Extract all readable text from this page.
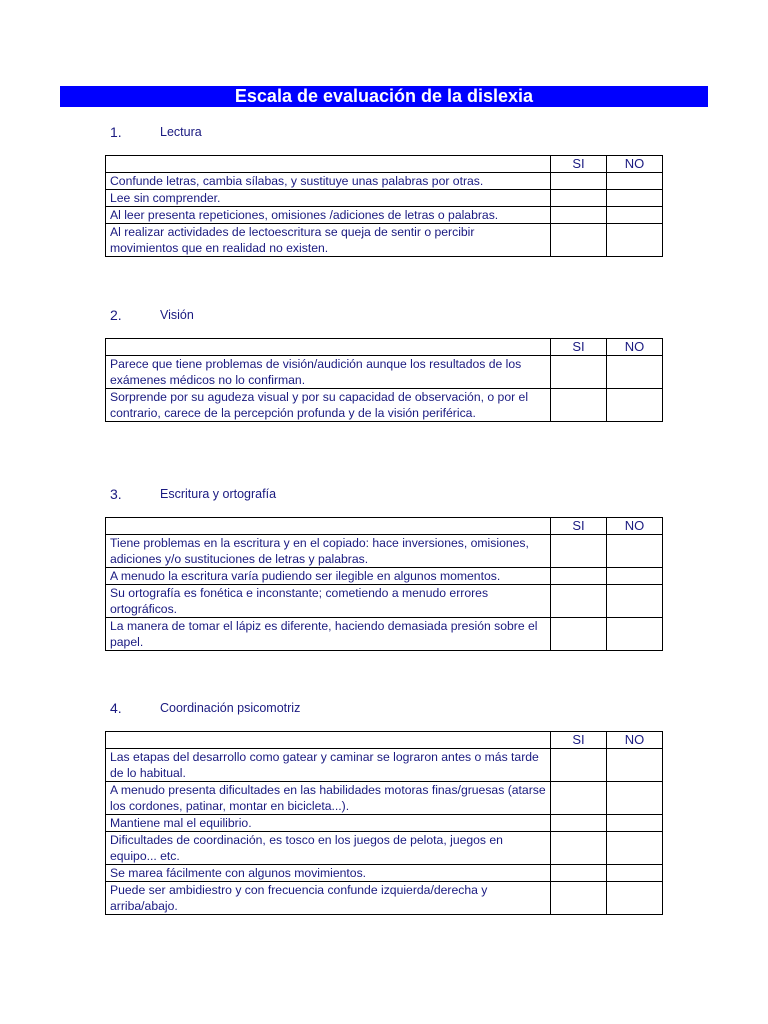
Escala de evaluación de la dislexia
1.	Lectura
	SI	NO
Confunde letras, cambia sílabas, y sustituye unas palabras por otras.		
Lee sin comprender.		
Al leer presenta repeticiones, omisiones /adiciones de letras o palabras.		
Al realizar actividades de lectoescritura se queja de sentir o percibir movimientos que en realidad no existen.		
2.	Visión
	SI	NO
Parece que tiene problemas de visión/audición aunque los resultados de los exámenes médicos no lo confirman.		
Sorprende por su agudeza visual y por su capacidad de observación, o por el contrario, carece de la percepción profunda y de la visión periférica.		
3.	Escritura y ortografía
	SI	NO
Tiene problemas en la escritura y en el copiado: hace inversiones, omisiones, adiciones y/o sustituciones de letras y palabras.		
A menudo la escritura varía pudiendo ser ilegible en algunos momentos.		
Su ortografía es fonética e inconstante; cometiendo a menudo errores ortográficos.		
La manera de tomar el lápiz es diferente, haciendo demasiada presión sobre el papel.		
4.	Coordinación psicomotriz
	SI	NO
Las etapas del desarrollo como gatear y caminar se lograron antes o más tarde de lo habitual.		
A menudo presenta dificultades en las habilidades motoras finas/gruesas (atarse los cordones, patinar, montar en bicicleta...).		
Mantiene mal el equilibrio.		
Dificultades de coordinación, es tosco en los juegos de pelota, juegos en equipo... etc.		
Se marea fácilmente con algunos movimientos.		
Puede ser ambidiestro y con frecuencia confunde izquierda/derecha y arriba/abajo.		
